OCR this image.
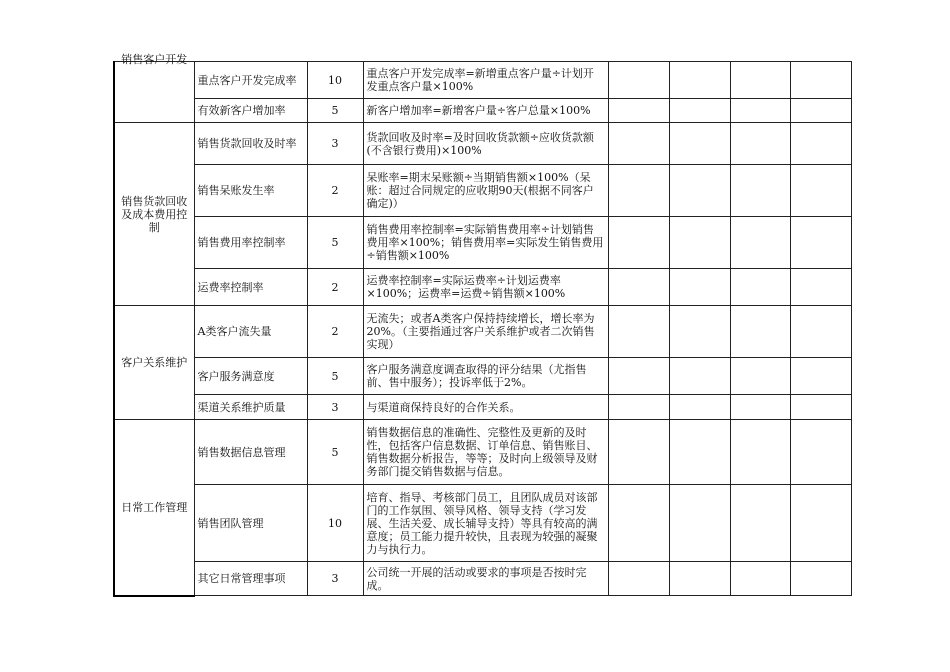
销售客户开发	重点客户开发完成率	10	重点客户开发完成率=新增重点客户量÷计划开发重点客户量×100%				
	有效新客户增加率	5	新客户增加率=新增客户量÷客户总量×100%				
销售货款回收及成本费用控制	销售货款回收及时率	3	货款回收及时率=及时回收货款额÷应收货款额(不含银行费用)×100%				
	销售呆账发生率	2	呆账率=期末呆账额÷当期销售额×100%（呆账：超过合同规定的应收期90天(根据不同客户确定)）				
	销售费用率控制率	5	销售费用率控制率=实际销售费用率÷计划销售费用率×100%；销售费用率=实际发生销售费用÷销售额×100%				
	运费率控制率	2	运费率控制率=实际运费率÷计划运费率×100%；运费率=运费÷销售额×100%				
客户关系维护	A类客户流失量	2	无流失；或者A类客户保持持续增长，增长率为20%。（主要指通过客户关系维护或者二次销售实现）				
	客户服务满意度	5	客户服务满意度调查取得的评分结果（尤指售前、售中服务）；投诉率低于2%。				
	渠道关系维护质量	3	与渠道商保持良好的合作关系。				
日常工作管理	销售数据信息管理	5	销售数据信息的准确性、完整性及更新的及时性，包括客户信息数据、订单信息、销售账目、销售数据分析报告，等等；及时向上级领导及财务部门提交销售数据与信息。				
	销售团队管理	10	培育、指导、考核部门员工，且团队成员对该部门的工作氛围、领导风格、领导支持（学习发展、生活关爱、成长辅导支持）等具有较高的满意度；员工能力提升较快，且表现为较强的凝聚力与执行力。				
	其它日常管理事项	3	公司统一开展的活动或要求的事项是否按时完成。				
